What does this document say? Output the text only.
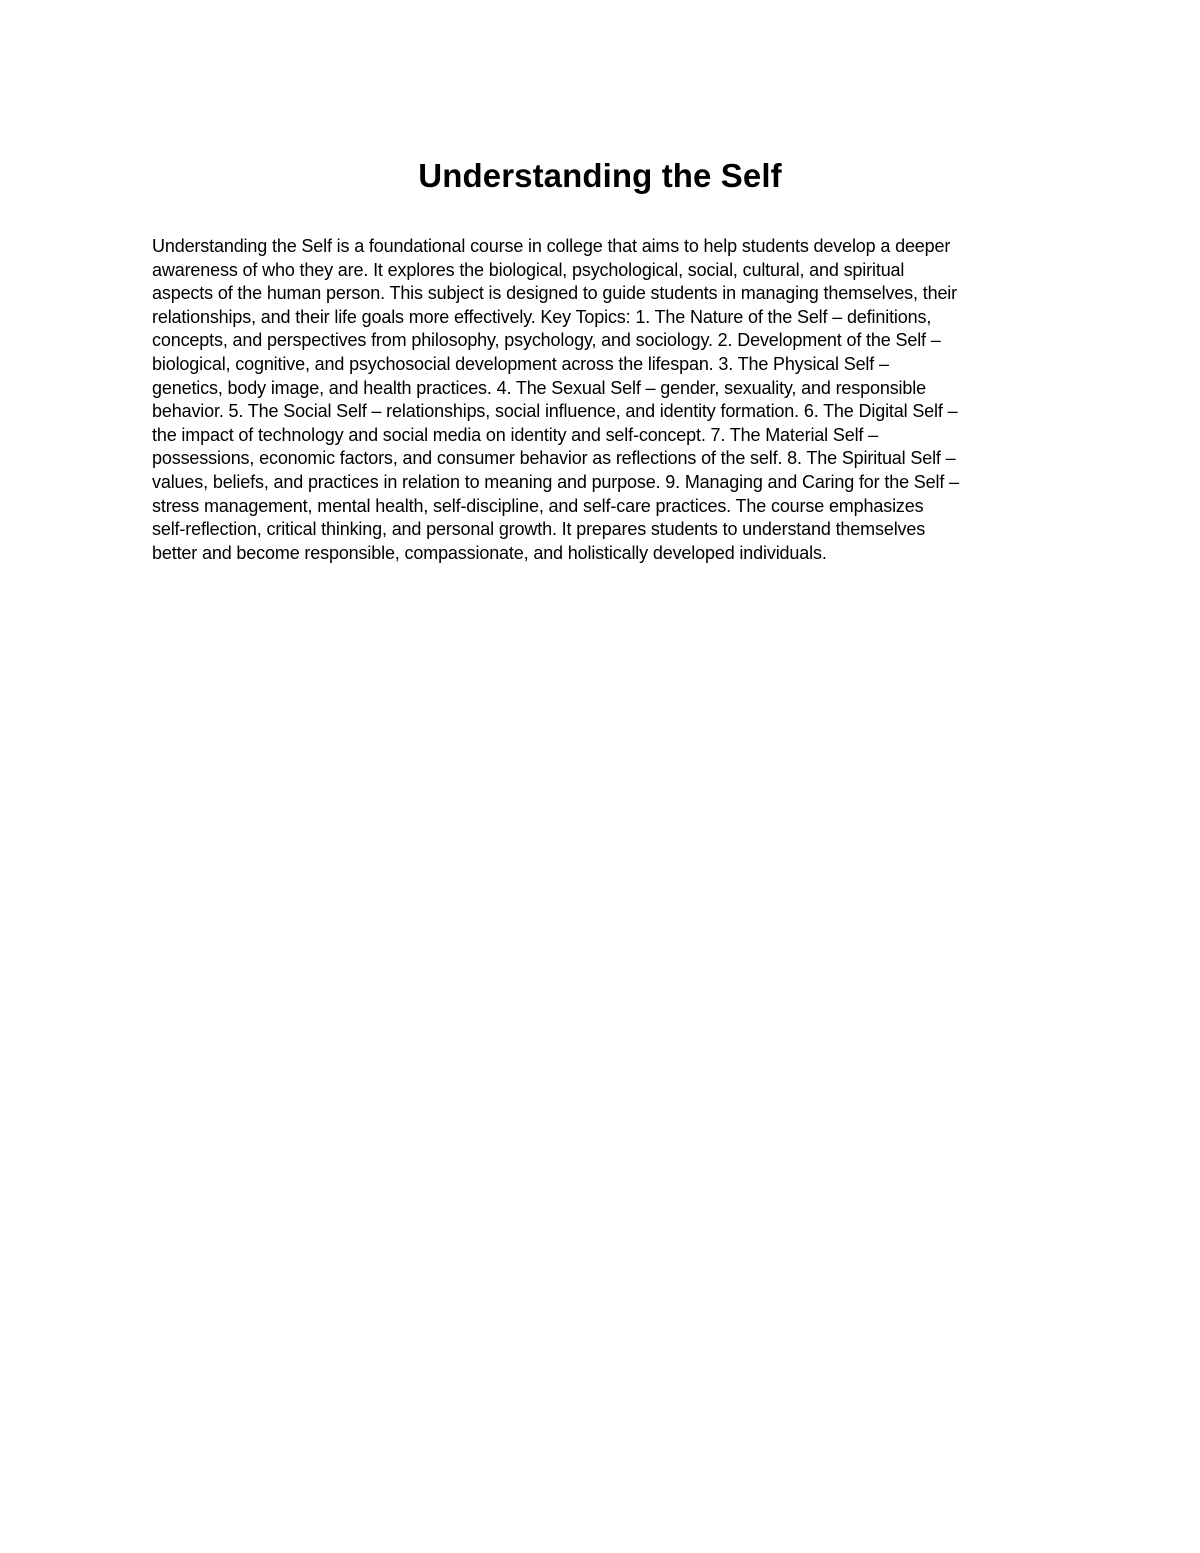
Understanding the Self

Understanding the Self is a foundational course in college that aims to help students develop a deeper
awareness of who they are. It explores the biological, psychological, social, cultural, and spiritual
aspects of the human person. This subject is designed to guide students in managing themselves, their
relationships, and their life goals more effectively. Key Topics: 1. The Nature of the Self – definitions,
concepts, and perspectives from philosophy, psychology, and sociology. 2. Development of the Self –
biological, cognitive, and psychosocial development across the lifespan. 3. The Physical Self –
genetics, body image, and health practices. 4. The Sexual Self – gender, sexuality, and responsible
behavior. 5. The Social Self – relationships, social influence, and identity formation. 6. The Digital Self –
the impact of technology and social media on identity and self-concept. 7. The Material Self –
possessions, economic factors, and consumer behavior as reflections of the self. 8. The Spiritual Self –
values, beliefs, and practices in relation to meaning and purpose. 9. Managing and Caring for the Self –
stress management, mental health, self-discipline, and self-care practices. The course emphasizes
self-reflection, critical thinking, and personal growth. It prepares students to understand themselves
better and become responsible, compassionate, and holistically developed individuals.
